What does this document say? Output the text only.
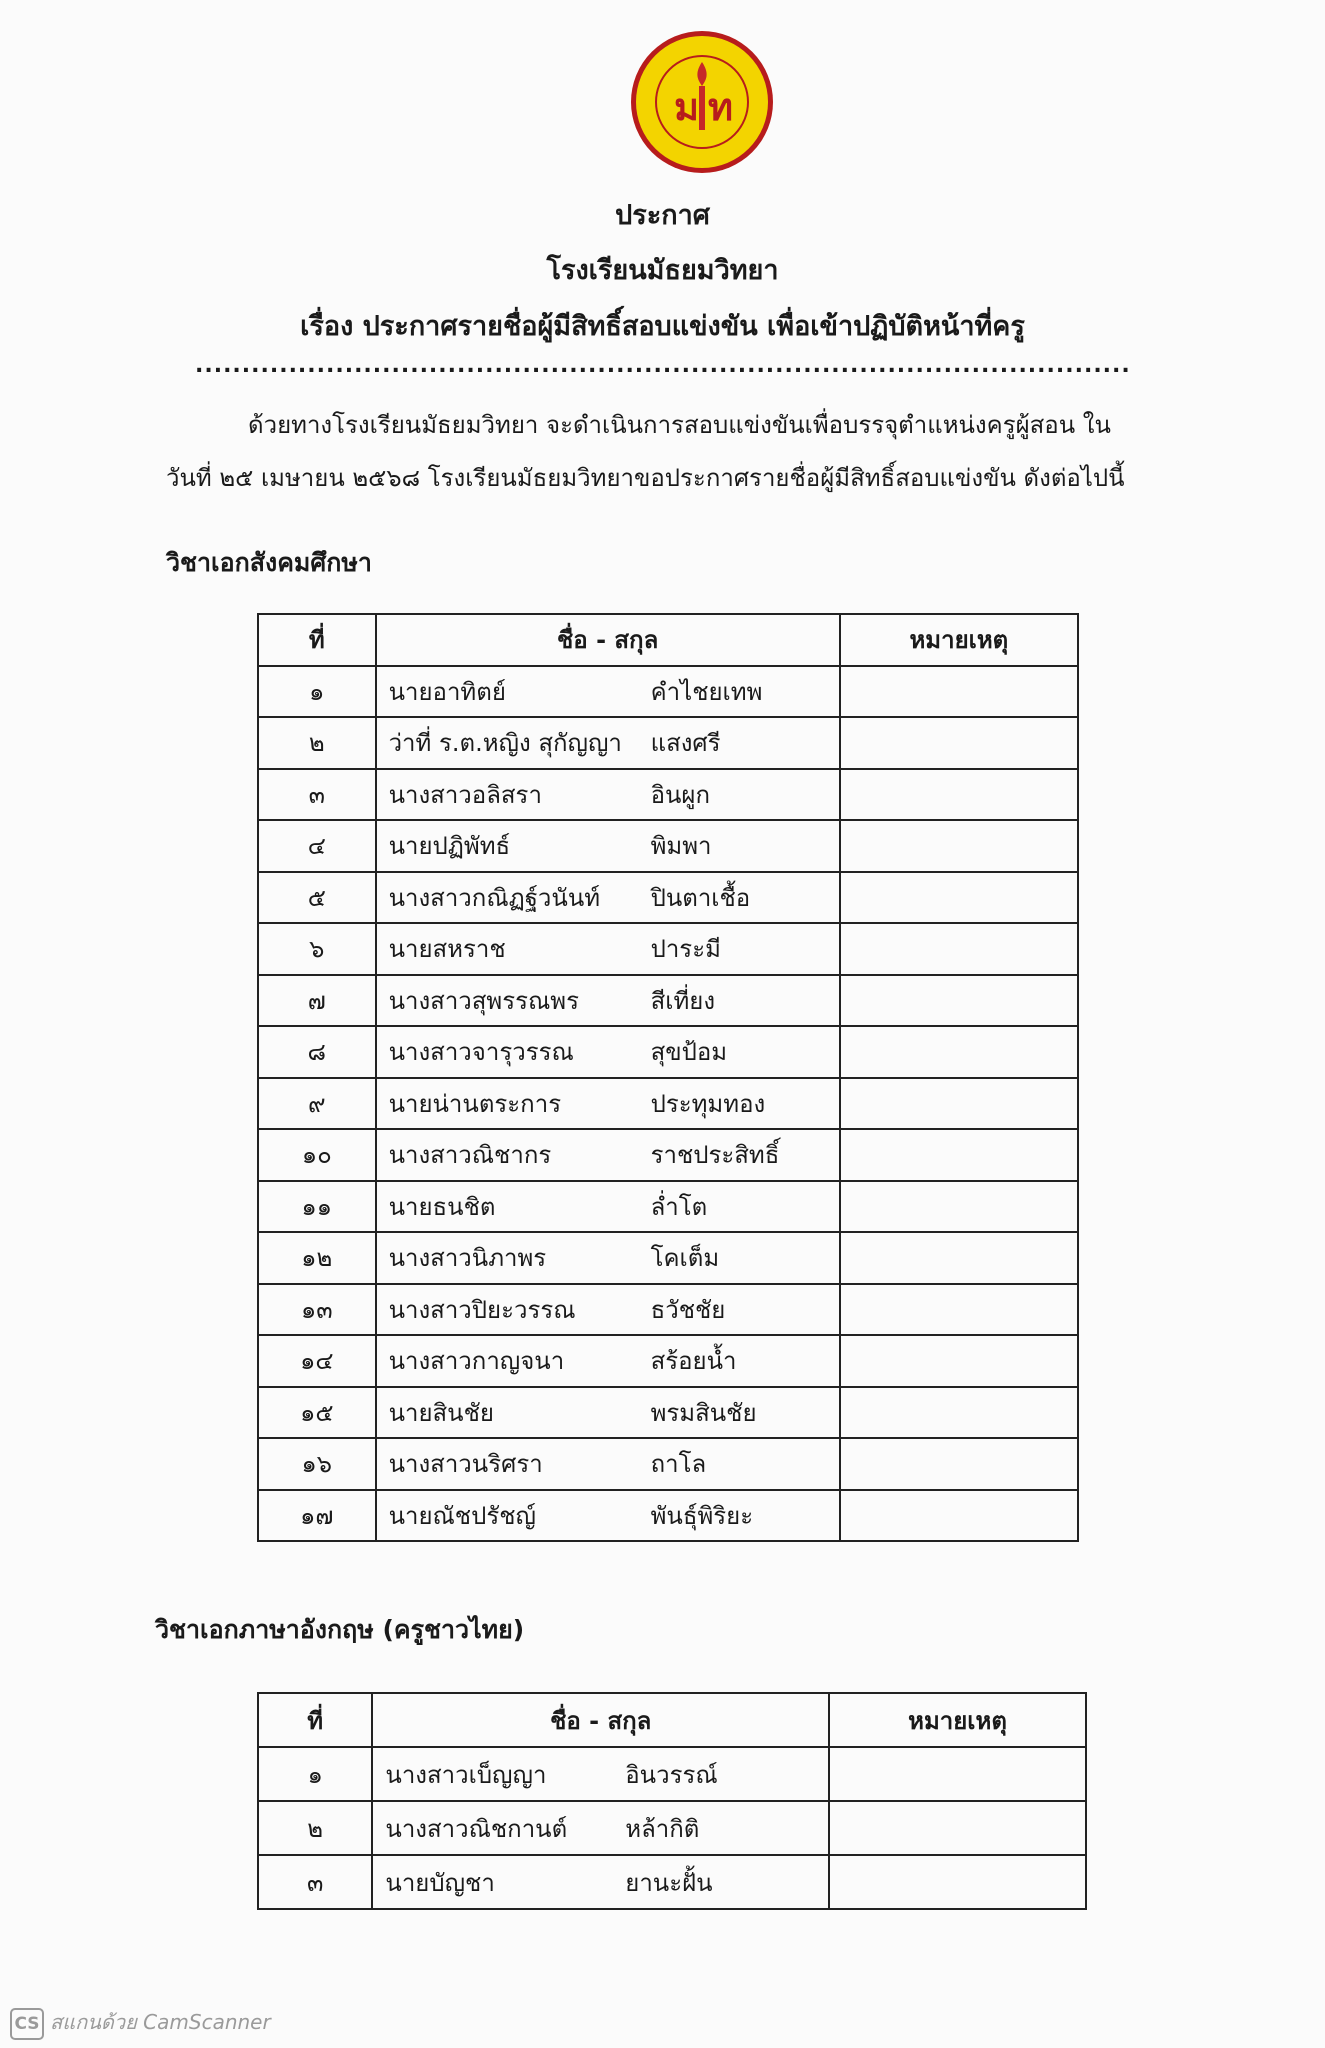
ม ท
ประกาศ
โรงเรียนมัธยมวิทยา
เรื่อง ประกาศรายชื่อผู้มีสิทธิ์สอบแข่งขัน เพื่อเข้าปฏิบัติหน้าที่ครู
....................................................................................................
ด้วยทางโรงเรียนมัธยมวิทยา จะดำเนินการสอบแข่งขันเพื่อบรรจุตำแหน่งครูผู้สอน ใน
วันที่ ๒๕ เมษายน ๒๕๖๘ โรงเรียนมัธยมวิทยาขอประกาศรายชื่อผู้มีสิทธิ์สอบแข่งขัน ดังต่อไปนี้
วิชาเอกสังคมศึกษา
ที่	ชื่อ - สกุล		หมายเหตุ
๑	นายอาทิตย์	คำไชยเทพ	
๒	ว่าที่ ร.ต.หญิง สุกัญญา	แสงศรี	
๓	นางสาวอลิสรา	อินผูก	
๔	นายปฏิพัทธ์	พิมพา	
๕	นางสาวกณิฏฐ์วนันท์	ปินตาเชื้อ	
๖	นายสหราช	ปาระมี	
๗	นางสาวสุพรรณพร	สีเที่ยง	
๘	นางสาวจารุวรรณ	สุขป้อม	
๙	นายน่านตระการ	ประทุมทอง	
๑๐	นางสาวณิชากร	ราชประสิทธิ์	
๑๑	นายธนชิต	ล่ำโต	
๑๒	นางสาวนิภาพร	โคเต็ม	
๑๓	นางสาวปิยะวรรณ	ธวัชชัย	
๑๔	นางสาวกาญจนา	สร้อยน้ำ	
๑๕	นายสินชัย	พรมสินชัย	
๑๖	นางสาวนริศรา	ถาโล	
๑๗	นายณัชปรัชญ์	พันธุ์พิริยะ	
วิชาเอกภาษาอังกฤษ (ครูชาวไทย)
ที่	ชื่อ - สกุล		หมายเหตุ
๑	นางสาวเบ็ญญา	อินวรรณ์	
๒	นางสาวณิชกานต์	หล้ากิติ	
๓	นายบัญชา	ยานะฝั้น	
CS สแกนด้วย CamScanner
